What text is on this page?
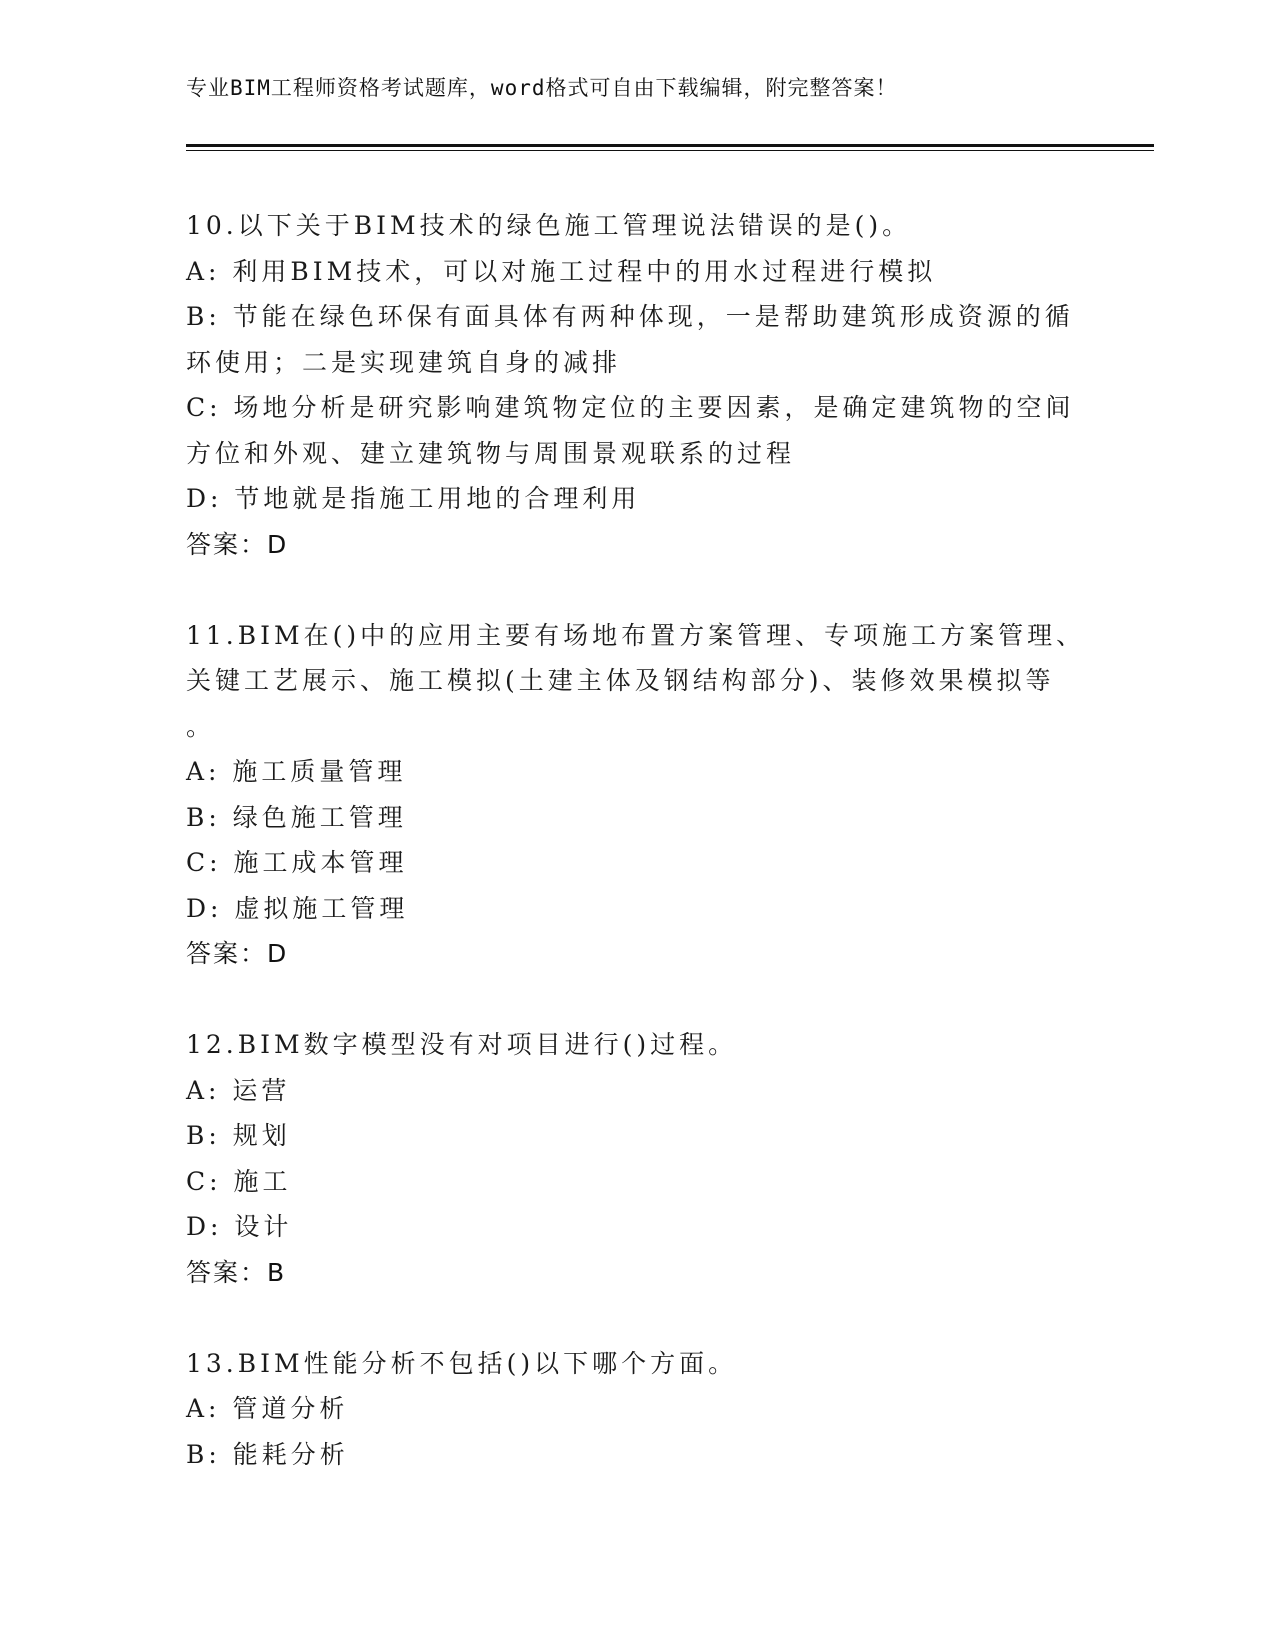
专业BIM工程师资格考试题库，word格式可自由下载编辑，附完整答案！
10.以下关于BIM技术的绿色施工管理说法错误的是()。
A: 利用BIM技术，可以对施工过程中的用水过程进行模拟
B: 节能在绿色环保有面具体有两种体现，一是帮助建筑形成资源的循
环使用；二是实现建筑自身的减排
C: 场地分析是研究影响建筑物定位的主要因素，是确定建筑物的空间
方位和外观、建立建筑物与周围景观联系的过程
D: 节地就是指施工用地的合理利用
答案：D
11.BIM在()中的应用主要有场地布置方案管理、专项施工方案管理、
关键工艺展示、施工模拟(土建主体及钢结构部分)、装修效果模拟等
。
A: 施工质量管理
B: 绿色施工管理
C: 施工成本管理
D: 虚拟施工管理
答案：D
12.BIM数字模型没有对项目进行()过程。
A: 运营
B: 规划
C: 施工
D: 设计
答案：B
13.BIM性能分析不包括()以下哪个方面。
A: 管道分析
B: 能耗分析
